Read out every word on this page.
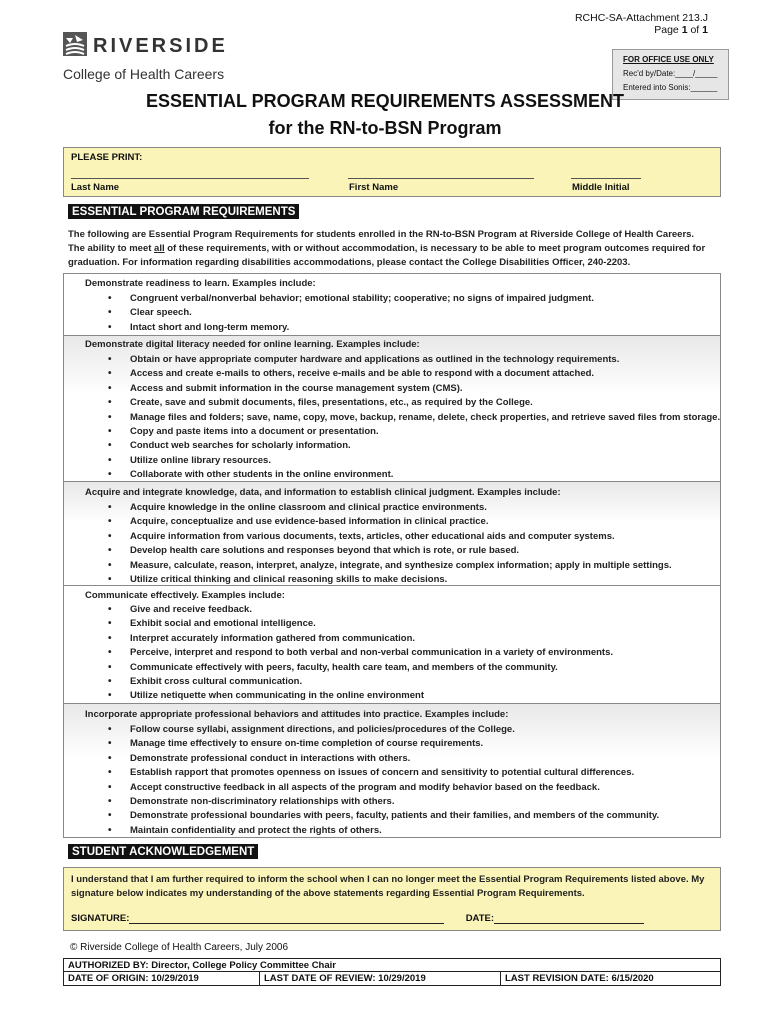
RCHC-SA-Attachment 213.J
Page 1 of 1
FOR OFFICE USE ONLY
Rec'd by/Date:____/_____
Entered into Sonis:______
RIVERSIDE
College of Health Careers
ESSENTIAL PROGRAM REQUIREMENTS ASSESSMENT
for the RN-to-BSN Program
PLEASE PRINT:
Last Name	First Name	Middle Initial
ESSENTIAL PROGRAM REQUIREMENTS
The following are Essential Program Requirements for students enrolled in the RN-to-BSN Program at Riverside College of Health Careers. The ability to meet all of these requirements, with or without accommodation, is necessary to be able to meet program outcomes required for graduation. For information regarding disabilities accommodations, please contact the College Disabilities Officer, 240-2203.
Demonstrate readiness to learn. Examples include:
• Congruent verbal/nonverbal behavior; emotional stability; cooperative; no signs of impaired judgment.
• Clear speech.
• Intact short and long-term memory.
Demonstrate digital literacy needed for online learning. Examples include:
• Obtain or have appropriate computer hardware and applications as outlined in the technology requirements.
• Access and create e-mails to others, receive e-mails and be able to respond with a document attached.
• Access and submit information in the course management system (CMS).
• Create, save and submit documents, files, presentations, etc., as required by the College.
• Manage files and folders; save, name, copy, move, backup, rename, delete, check properties, and retrieve saved files from storage.
• Copy and paste items into a document or presentation.
• Conduct web searches for scholarly information.
• Utilize online library resources.
• Collaborate with other students in the online environment.
Acquire and integrate knowledge, data, and information to establish clinical judgment. Examples include:
• Acquire knowledge in the online classroom and clinical practice environments.
• Acquire, conceptualize and use evidence-based information in clinical practice.
• Acquire information from various documents, texts, articles, other educational aids and computer systems.
• Develop health care solutions and responses beyond that which is rote, or rule based.
• Measure, calculate, reason, interpret, analyze, integrate, and synthesize complex information; apply in multiple settings.
• Utilize critical thinking and clinical reasoning skills to make decisions.
Communicate effectively. Examples include:
• Give and receive feedback.
• Exhibit social and emotional intelligence.
• Interpret accurately information gathered from communication.
• Perceive, interpret and respond to both verbal and non-verbal communication in a variety of environments.
• Communicate effectively with peers, faculty, health care team, and members of the community.
• Exhibit cross cultural communication.
• Utilize netiquette when communicating in the online environment
Incorporate appropriate professional behaviors and attitudes into practice. Examples include:
• Follow course syllabi, assignment directions, and policies/procedures of the College.
• Manage time effectively to ensure on-time completion of course requirements.
• Demonstrate professional conduct in interactions with others.
• Establish rapport that promotes openness on issues of concern and sensitivity to potential cultural differences.
• Accept constructive feedback in all aspects of the program and modify behavior based on the feedback.
• Demonstrate non-discriminatory relationships with others.
• Demonstrate professional boundaries with peers, faculty, patients and their families, and members of the community.
• Maintain confidentiality and protect the rights of others.
STUDENT ACKNOWLEDGEMENT
I understand that I am further required to inform the school when I can no longer meet the Essential Program Requirements listed above. My signature below indicates my understanding of the above statements regarding Essential Program Requirements.
SIGNATURE:	DATE:
© Riverside College of Health Careers, July 2006
AUTHORIZED BY: Director, College Policy Committee Chair
DATE OF ORIGIN: 10/29/2019	LAST DATE OF REVIEW: 10/29/2019	LAST REVISION DATE: 6/15/2020
